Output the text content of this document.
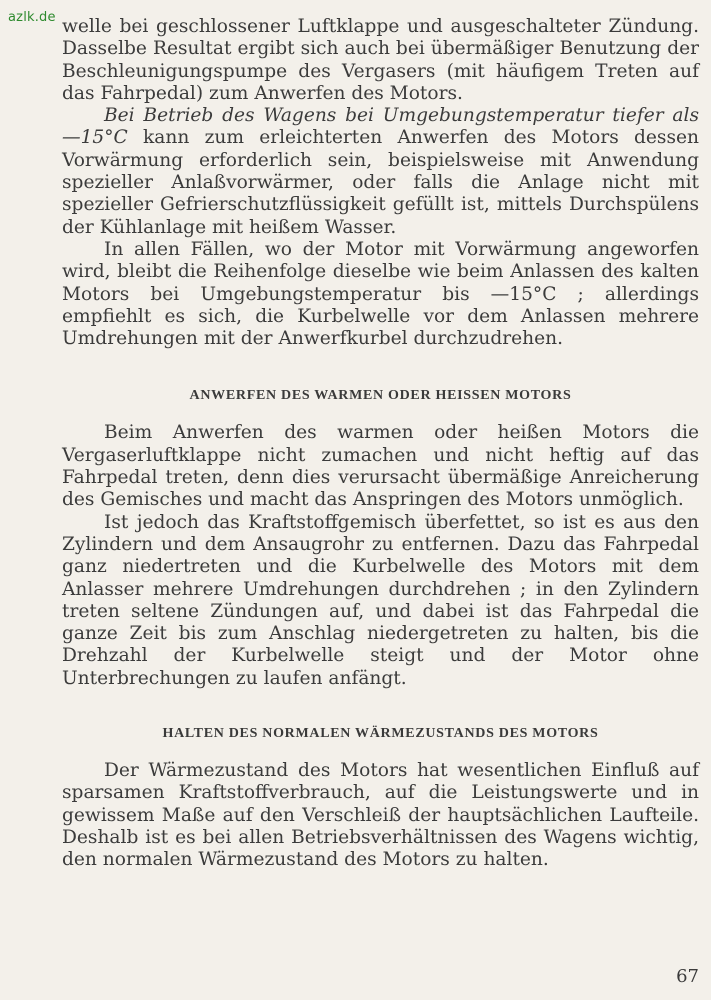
azlk.de welle bei geschlossener Luftklappe und ausgeschalteter Zündung. Dasselbe Resultat ergibt sich auch bei übermäßiger Benutzung der Beschleunigungspumpe des Vergasers (mit häufigem Treten auf das Fahrpedal) zum Anwerfen des Motors.

Bei Betrieb des Wagens bei Umgebungstemperatur tiefer als —15°C kann zum erleichterten Anwerfen des Motors dessen Vorwärmung erforderlich sein, beispielsweise mit Anwendung spezieller Anlaßvorwärmer, oder falls die Anlage nicht mit spezieller Gefrierschutzflüssigkeit gefüllt ist, mittels Durchspülens der Kühlanlage mit heißem Wasser.

In allen Fällen, wo der Motor mit Vorwärmung angeworfen wird, bleibt die Reihenfolge dieselbe wie beim Anlassen des kalten Motors bei Umgebungstemperatur bis —15°C ; allerdings empfiehlt es sich, die Kurbelwelle vor dem Anlassen mehrere Umdrehungen mit der Anwerfkurbel durchzudrehen.

ANWERFEN DES WARMEN ODER HEISSEN MOTORS

Beim Anwerfen des warmen oder heißen Motors die Vergaserluftklappe nicht zumachen und nicht heftig auf das Fahrpedal treten, denn dies verursacht übermäßige Anreicherung des Gemisches und macht das Anspringen des Motors unmöglich.

Ist jedoch das Kraftstoffgemisch überfettet, so ist es aus den Zylindern und dem Ansaugrohr zu entfernen. Dazu das Fahrpedal ganz niedertreten und die Kurbelwelle des Motors mit dem Anlasser mehrere Umdrehungen durchdrehen ; in den Zylindern treten seltene Zündungen auf, und dabei ist das Fahrpedal die ganze Zeit bis zum Anschlag niedergetreten zu halten, bis die Drehzahl der Kurbelwelle steigt und der Motor ohne Unterbrechungen zu laufen anfängt.

HALTEN DES NORMALEN WÄRMEZUSTANDS DES MOTORS

Der Wärmezustand des Motors hat wesentlichen Einfluß auf sparsamen Kraftstoffverbrauch, auf die Leistungswerte und in gewissem Maße auf den Verschleiß der hauptsächlichen Laufteile. Deshalb ist es bei allen Betriebsverhältnissen des Wagens wichtig, den normalen Wärmezustand des Motors zu halten.

67
